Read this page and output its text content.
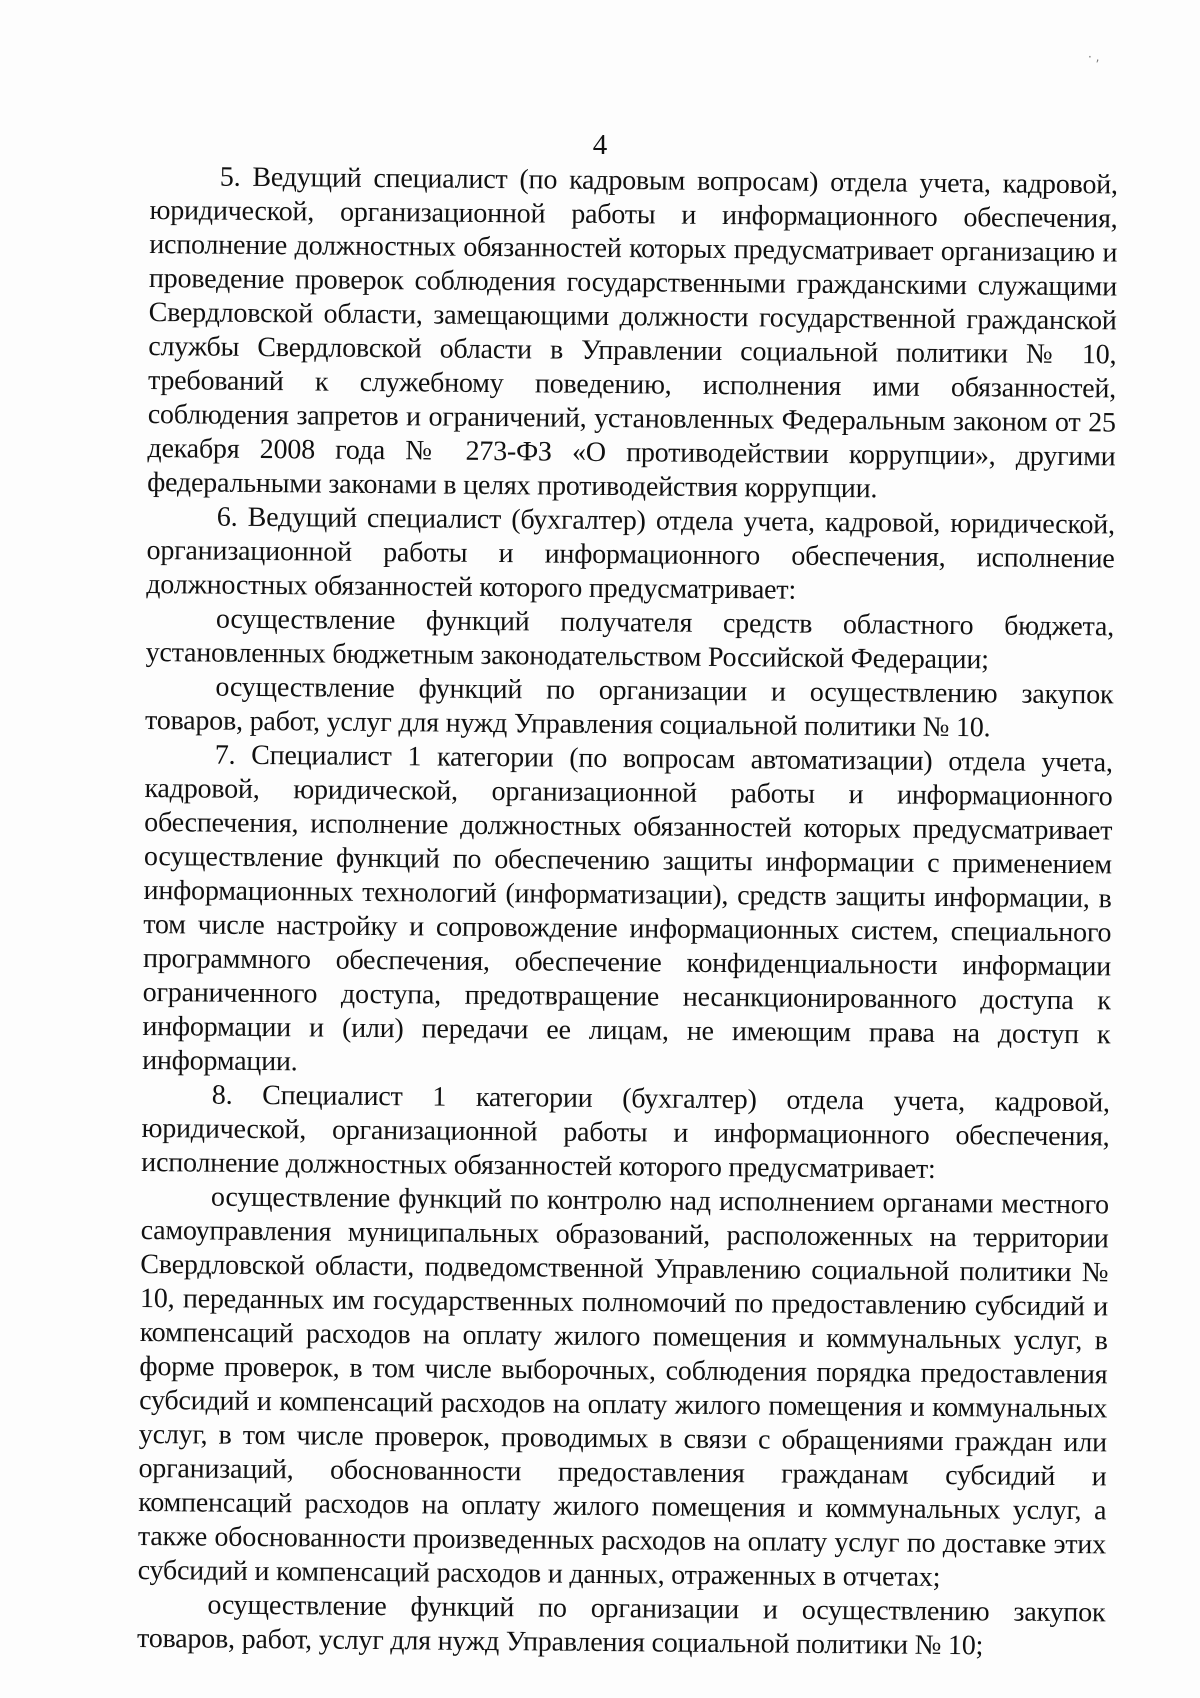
· ,
4

5. Ведущий специалист (по кадровым вопросам) отдела учета, кадровой, юридической, организационной работы и информационного обеспечения, исполнение должностных обязанностей которых предусматривает организацию и проведение проверок соблюдения государственными гражданскими служащими Свердловской области, замещающими должности государственной гражданской службы Свердловской области в Управлении социальной политики № 10, требований к служебному поведению, исполнения ими обязанностей, соблюдения запретов и ограничений, установленных Федеральным законом от 25 декабря 2008 года № 273-ФЗ «О противодействии коррупции», другими федеральными законами в целях противодействия коррупции.

6. Ведущий специалист (бухгалтер) отдела учета, кадровой, юридической, организационной работы и информационного обеспечения, исполнение должностных обязанностей которого предусматривает:

осуществление функций получателя средств областного бюджета, установленных бюджетным законодательством Российской Федерации;

осуществление функций по организации и осуществлению закупок товаров, работ, услуг для нужд Управления социальной политики № 10.

7. Специалист 1 категории (по вопросам автоматизации) отдела учета, кадровой, юридической, организационной работы и информационного обеспечения, исполнение должностных обязанностей которых предусматривает осуществление функций по обеспечению защиты информации с применением информационных технологий (информатизации), средств защиты информации, в том числе настройку и сопровождение информационных систем, специального программного обеспечения, обеспечение конфиденциальности информации ограниченного доступа, предотвращение несанкционированного доступа к информации и (или) передачи ее лицам, не имеющим права на доступ к информации.

8. Специалист 1 категории (бухгалтер) отдела учета, кадровой, юридической, организационной работы и информационного обеспечения, исполнение должностных обязанностей которого предусматривает:

осуществление функций по контролю над исполнением органами местного самоуправления муниципальных образований, расположенных на территории Свердловской области, подведомственной Управлению социальной политики № 10, переданных им государственных полномочий по предоставлению субсидий и компенсаций расходов на оплату жилого помещения и коммунальных услуг, в форме проверок, в том числе выборочных, соблюдения порядка предоставления субсидий и компенсаций расходов на оплату жилого помещения и коммунальных услуг, в том числе проверок, проводимых в связи с обращениями граждан или организаций, обоснованности предоставления гражданам субсидий и компенсаций расходов на оплату жилого помещения и коммунальных услуг, а также обоснованности произведенных расходов на оплату услуг по доставке этих субсидий и компенсаций расходов и данных, отраженных в отчетах;

осуществление функций по организации и осуществлению закупок товаров, работ, услуг для нужд Управления социальной политики № 10;
